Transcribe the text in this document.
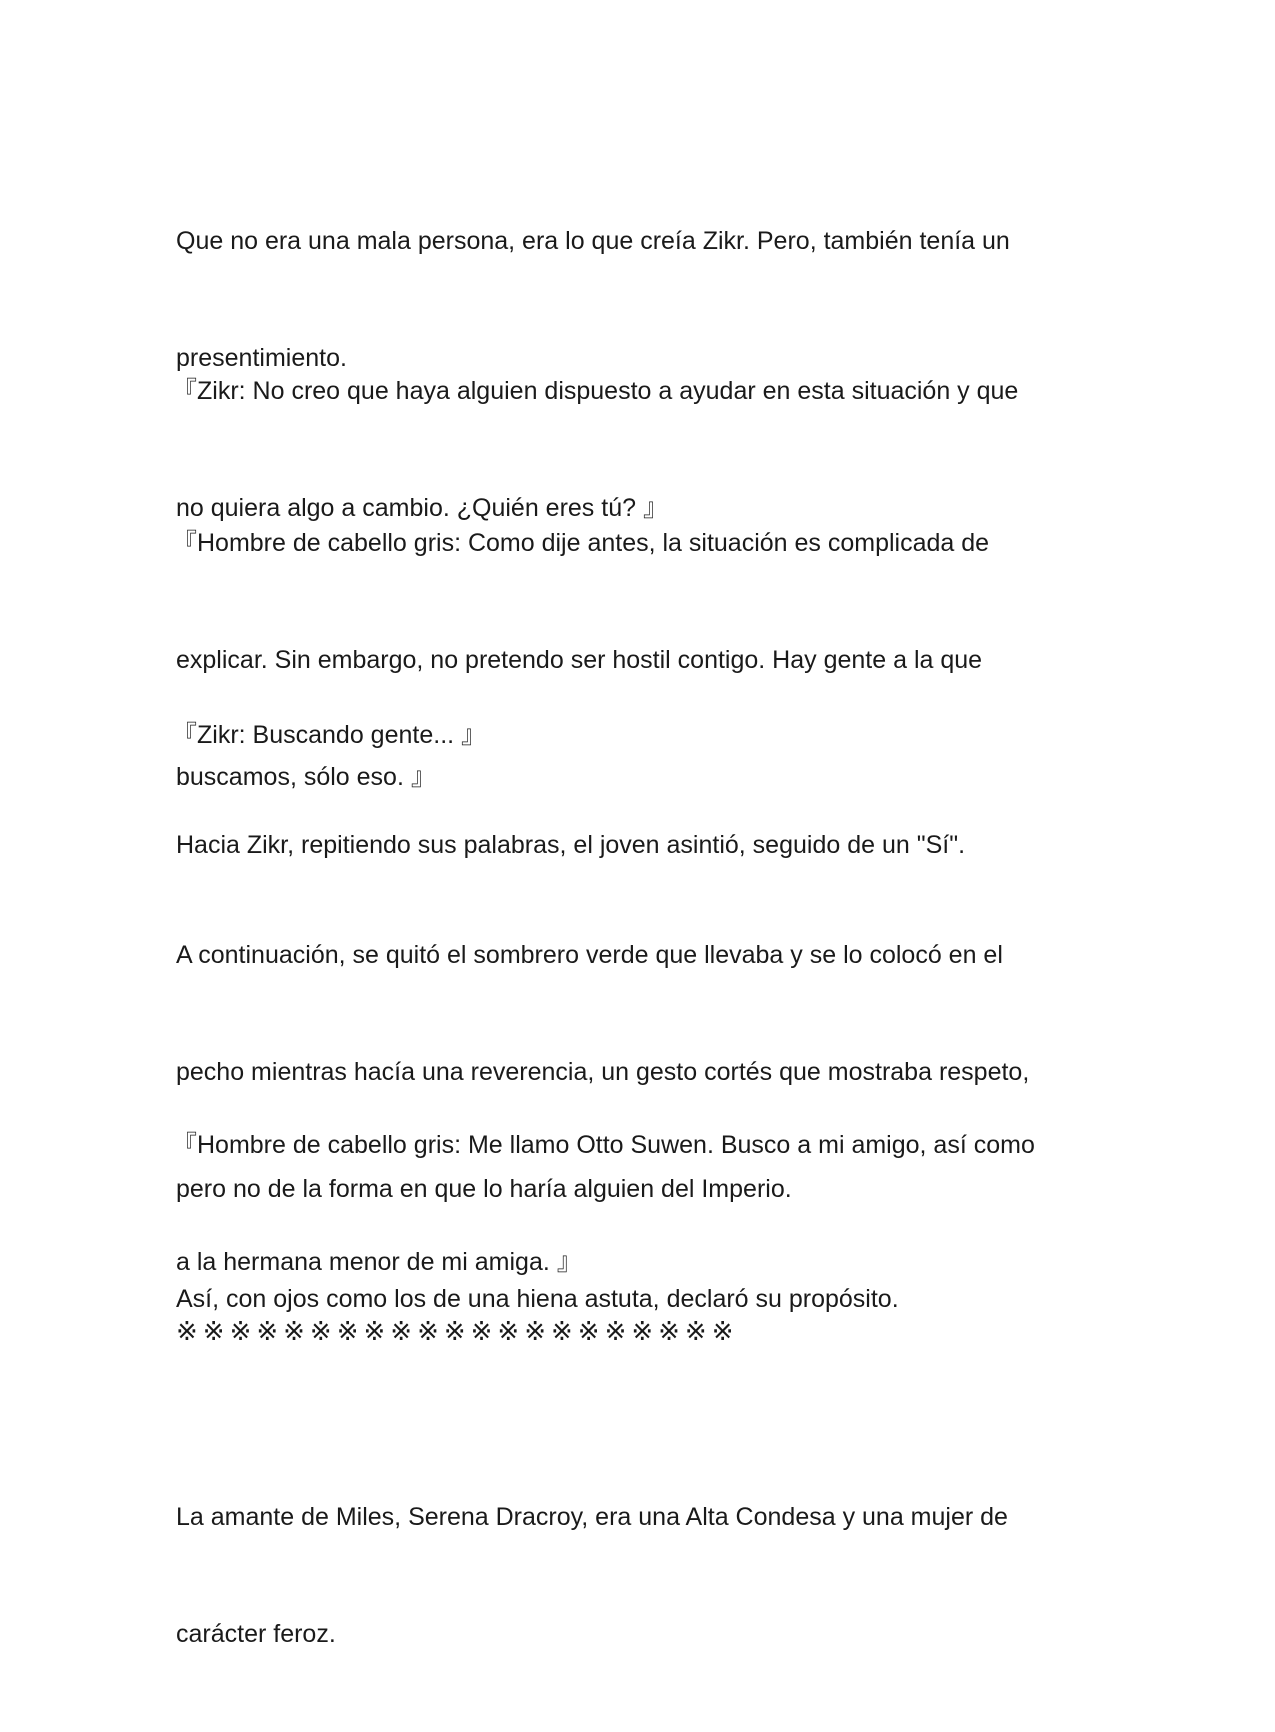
Que no era una mala persona, era lo que creía Zikr. Pero, también tenía un

presentimiento.

『Zikr: No creo que haya alguien dispuesto a ayudar en esta situación y que

no quiera algo a cambio. ¿Quién eres tú? 』

『Hombre de cabello gris: Como dije antes, la situación es complicada de

explicar. Sin embargo, no pretendo ser hostil contigo. Hay gente a la que

buscamos, sólo eso. 』

『Zikr: Buscando gente... 』

Hacia Zikr, repitiendo sus palabras, el joven asintió, seguido de un "Sí".

A continuación, se quitó el sombrero verde que llevaba y se lo colocó en el

pecho mientras hacía una reverencia, un gesto cortés que mostraba respeto,

pero no de la forma en que lo haría alguien del Imperio.

『Hombre de cabello gris: Me llamo Otto Suwen. Busco a mi amigo, así como

a la hermana menor de mi amiga. 』

Así, con ojos como los de una hiena astuta, declaró su propósito.

※※※※※※※※※※※※※※※※※※※※※

La amante de Miles, Serena Dracroy, era una Alta Condesa y una mujer de

carácter feroz.
